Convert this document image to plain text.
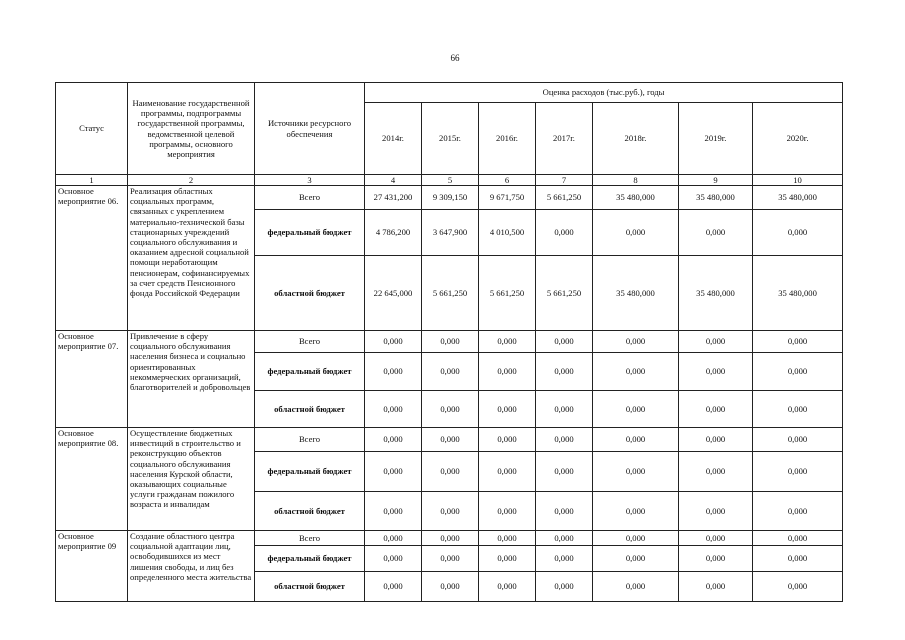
66
Статус	Наименование государственной программы, подпрограммы государственной программы, ведомственной целевой программы, основного мероприятия	Источники ресурсного обеспечения	Оценка расходов (тыс.руб.), годы						
			2014г.	2015г.	2016г.	2017г.	2018г.	2019г.	2020г.
1	2	3	4	5	6	7	8	9	10
Основное мероприятие 06.	Реализация областных социальных программ, связанных с укреплением материально-технической базы стационарных учреждений социального обслуживания и оказанием адресной социальной помощи неработающим пенсионерам, софинансируемых за счет средств Пенсионного фонда Российской Федерации	Всего	27 431,200	9 309,150	9 671,750	5 661,250	35 480,000	35 480,000	35 480,000
		федеральный бюджет	4 786,200	3 647,900	4 010,500	0,000	0,000	0,000	0,000
		областной бюджет	22 645,000	5 661,250	5 661,250	5 661,250	35 480,000	35 480,000	35 480,000
Основное мероприятие 07.	Привлечение в сферу социального обслуживания населения бизнеса и социально ориентированных некоммерческих организаций, благотворителей и добровольцев	Всего	0,000	0,000	0,000	0,000	0,000	0,000	0,000
		федеральный бюджет	0,000	0,000	0,000	0,000	0,000	0,000	0,000
		областной бюджет	0,000	0,000	0,000	0,000	0,000	0,000	0,000
Основное мероприятие 08.	Осуществление бюджетных инвестиций в строительство и реконструкцию объектов социального обслуживания населения Курской области, оказывающих социальные услуги гражданам пожилого возраста и инвалидам	Всего	0,000	0,000	0,000	0,000	0,000	0,000	0,000
		федеральный бюджет	0,000	0,000	0,000	0,000	0,000	0,000	0,000
		областной бюджет	0,000	0,000	0,000	0,000	0,000	0,000	0,000
Основное мероприятие 09	Создание областного центра социальной адаптации лиц, освободившихся из мест лишения свободы, и лиц без определенного места жительства	Всего	0,000	0,000	0,000	0,000	0,000	0,000	0,000
		федеральный бюджет	0,000	0,000	0,000	0,000	0,000	0,000	0,000
		областной бюджет	0,000	0,000	0,000	0,000	0,000	0,000	0,000
